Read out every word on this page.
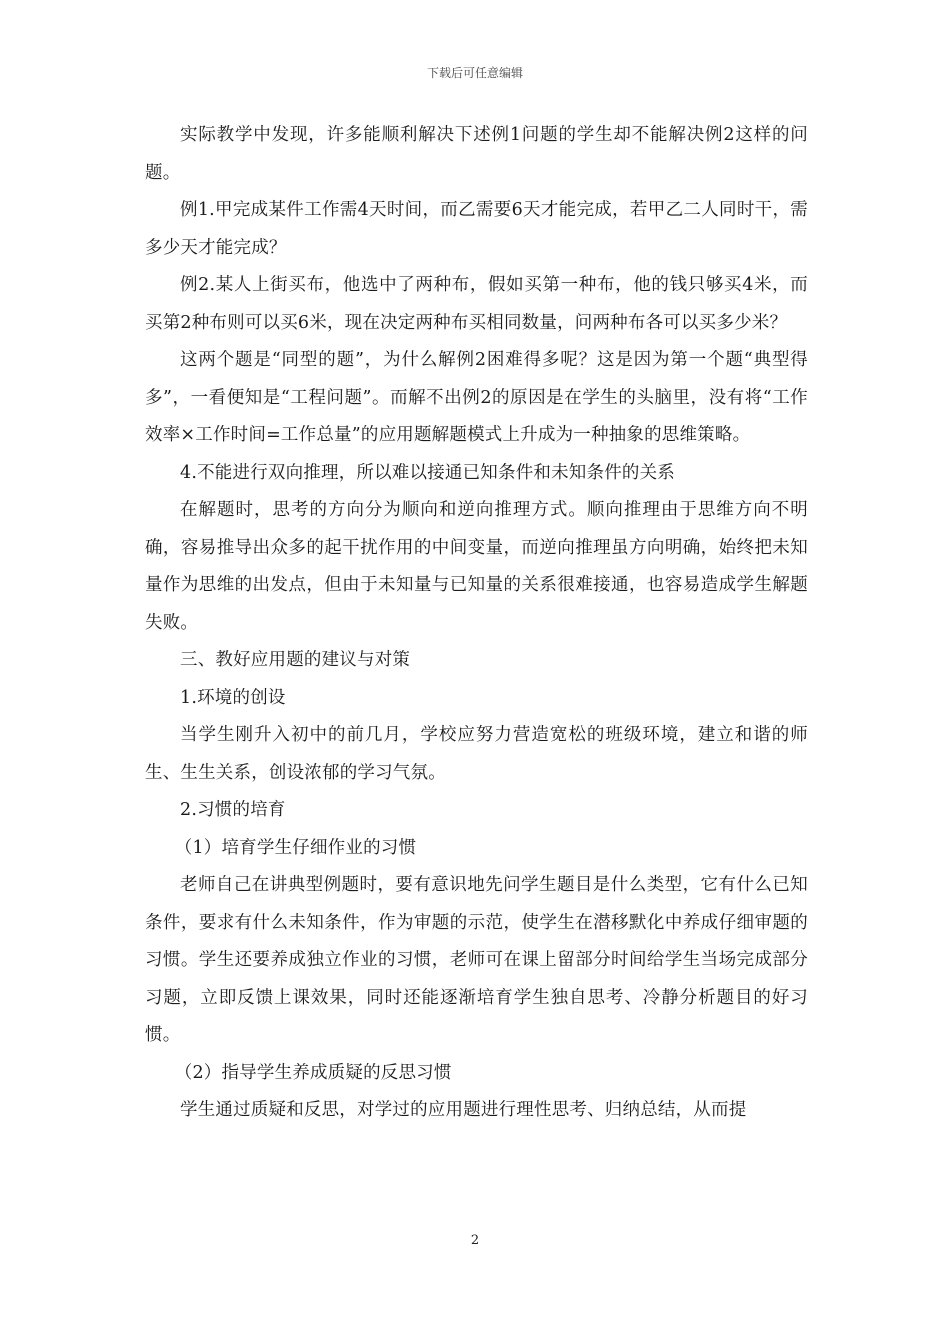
下载后可任意编辑

实际教学中发现，许多能顺利解决下述例1问题的学生却不能解决例2这样的问题。

例1.甲完成某件工作需4天时间，而乙需要6天才能完成，若甲乙二人同时干，需多少天才能完成？

例2.某人上街买布，他选中了两种布，假如买第一种布，他的钱只够买4米，而买第2种布则可以买6米，现在决定两种布买相同数量，问两种布各可以买多少米？

这两个题是“同型的题”，为什么解例2困难得多呢？这是因为第一个题“典型得多”，一看便知是“工程问题”。而解不出例2的原因是在学生的头脑里，没有将“工作效率×工作时间=工作总量”的应用题解题模式上升成为一种抽象的思维策略。

4.不能进行双向推理，所以难以接通已知条件和未知条件的关系

在解题时，思考的方向分为顺向和逆向推理方式。顺向推理由于思维方向不明确，容易推导出众多的起干扰作用的中间变量，而逆向推理虽方向明确，始终把未知量作为思维的出发点，但由于未知量与已知量的关系很难接通，也容易造成学生解题失败。

三、教好应用题的建议与对策

1.环境的创设

当学生刚升入初中的前几月，学校应努力营造宽松的班级环境，建立和谐的师生、生生关系，创设浓郁的学习气氛。

2.习惯的培育

（1）培育学生仔细作业的习惯

老师自己在讲典型例题时，要有意识地先问学生题目是什么类型，它有什么已知条件，要求有什么未知条件，作为审题的示范，使学生在潜移默化中养成仔细审题的习惯。学生还要养成独立作业的习惯，老师可在课上留部分时间给学生当场完成部分习题，立即反馈上课效果，同时还能逐渐培育学生独自思考、冷静分析题目的好习惯。

（2）指导学生养成质疑的反思习惯

学生通过质疑和反思，对学过的应用题进行理性思考、归纳总结，从而提

2
